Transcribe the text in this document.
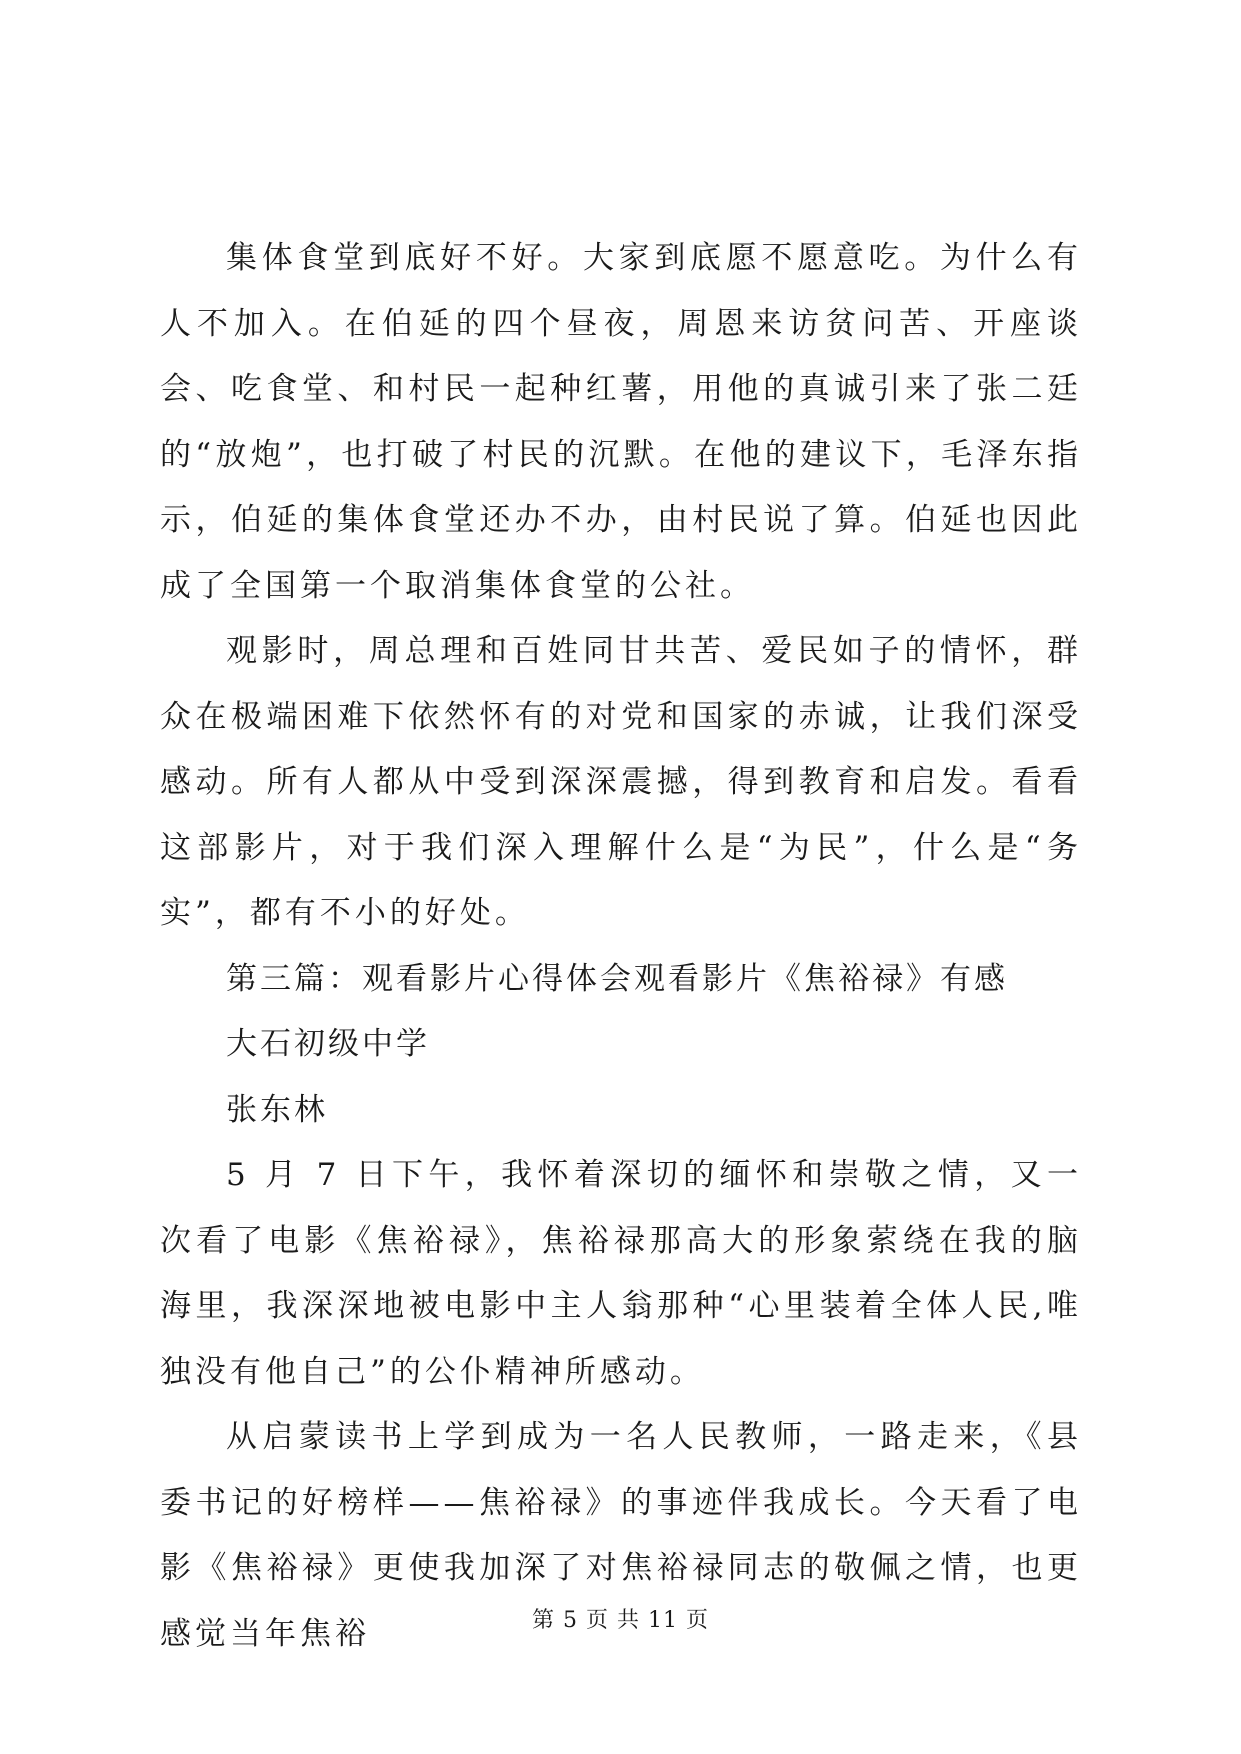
集体食堂到底好不好。大家到底愿不愿意吃。为什么有人不加入。在伯延的四个昼夜，周恩来访贫问苦、开座谈会、吃食堂、和村民一起种红薯，用他的真诚引来了张二廷的“放炮”，也打破了村民的沉默。在他的建议下，毛泽东指示，伯延的集体食堂还办不办，由村民说了算。伯延也因此成了全国第一个取消集体食堂的公社。

观影时，周总理和百姓同甘共苦、爱民如子的情怀，群众在极端困难下依然怀有的对党和国家的赤诚，让我们深受感动。所有人都从中受到深深震撼，得到教育和启发。看看这部影片，对于我们深入理解什么是“为民”，什么是“务实”，都有不小的好处。

第三篇：观看影片心得体会观看影片《焦裕禄》有感

大石初级中学

张东林

5 月 7 日下午，我怀着深切的缅怀和崇敬之情，又一次看了电影《焦裕禄》，焦裕禄那高大的形象萦绕在我的脑海里，我深深地被电影中主人翁那种“心里装着全体人民,唯独没有他自己”的公仆精神所感动。

从启蒙读书上学到成为一名人民教师，一路走来，《县委书记的好榜样——焦裕禄》的事迹伴我成长。今天看了电影《焦裕禄》更使我加深了对焦裕禄同志的敬佩之情，也更感觉当年焦裕	第 5 页 共 11 页
